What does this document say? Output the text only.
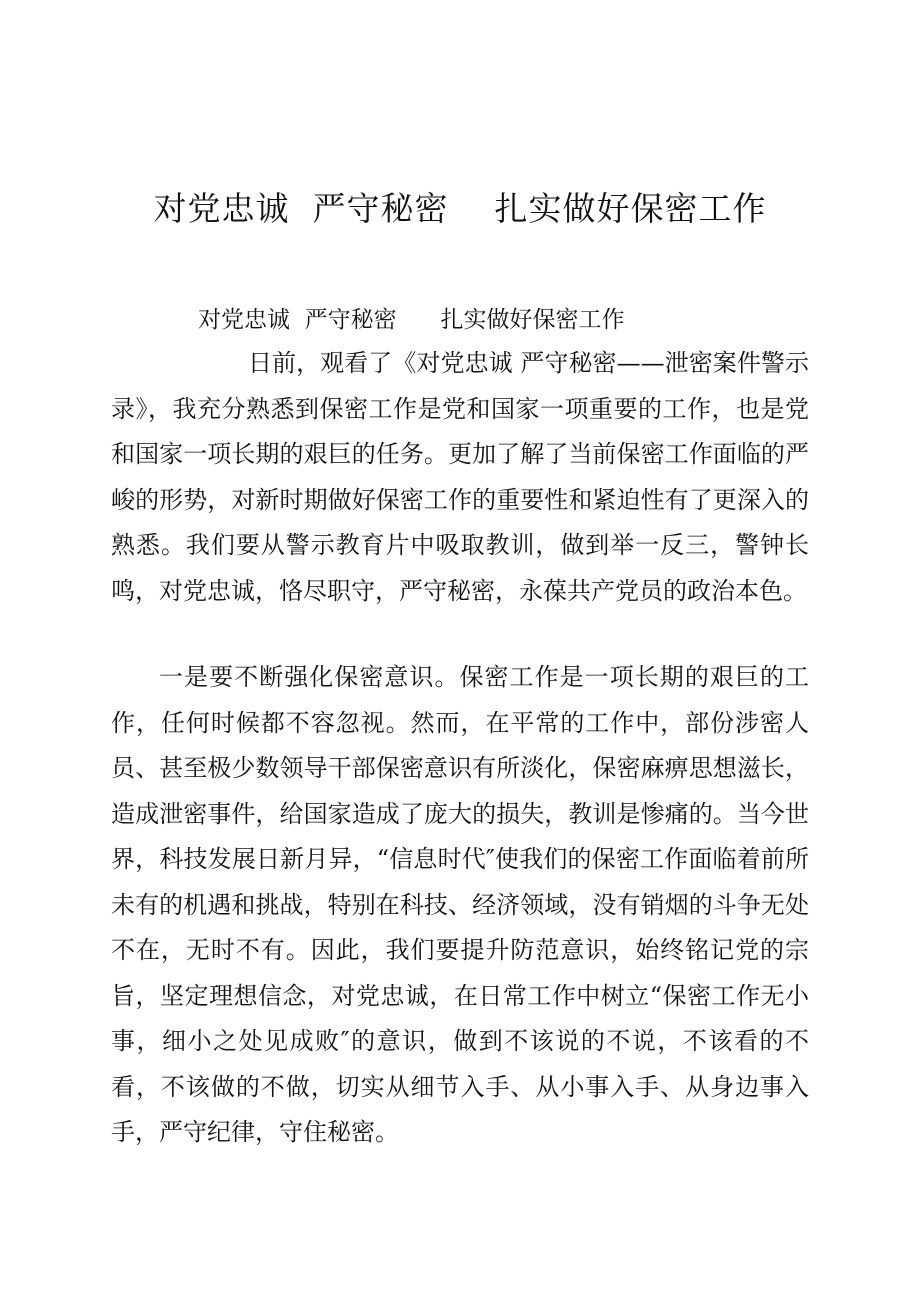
对党忠诚  严守秘密    扎实做好保密工作

对党忠诚  严守秘密      扎实做好保密工作

日前，观看了《对党忠诚 严守秘密——泄密案件警示录》，我充分熟悉到保密工作是党和国家一项重要的工作，也是党和国家一项长期的艰巨的任务。更加了解了当前保密工作面临的严峻的形势，对新时期做好保密工作的重要性和紧迫性有了更深入的熟悉。我们要从警示教育片中吸取教训，做到举一反三，警钟长鸣，对党忠诚，恪尽职守，严守秘密，永葆共产党员的政治本色。

一是要不断强化保密意识。保密工作是一项长期的艰巨的工作，任何时候都不容忽视。然而，在平常的工作中，部份涉密人员、甚至极少数领导干部保密意识有所淡化，保密麻痹思想滋长，造成泄密事件，给国家造成了庞大的损失，教训是惨痛的。当今世界，科技发展日新月异，“信息时代″使我们的保密工作面临着前所未有的机遇和挑战，特别在科技、经济领域，没有销烟的斗争无处不在，无时不有。因此，我们要提升防范意识，始终铭记党的宗旨，坚定理想信念，对党忠诚，在日常工作中树立“保密工作无小事，细小之处见成败″的意识，做到不该说的不说，不该看的不看，不该做的不做，切实从细节入手、从小事入手、从身边事入手，严守纪律，守住秘密。
